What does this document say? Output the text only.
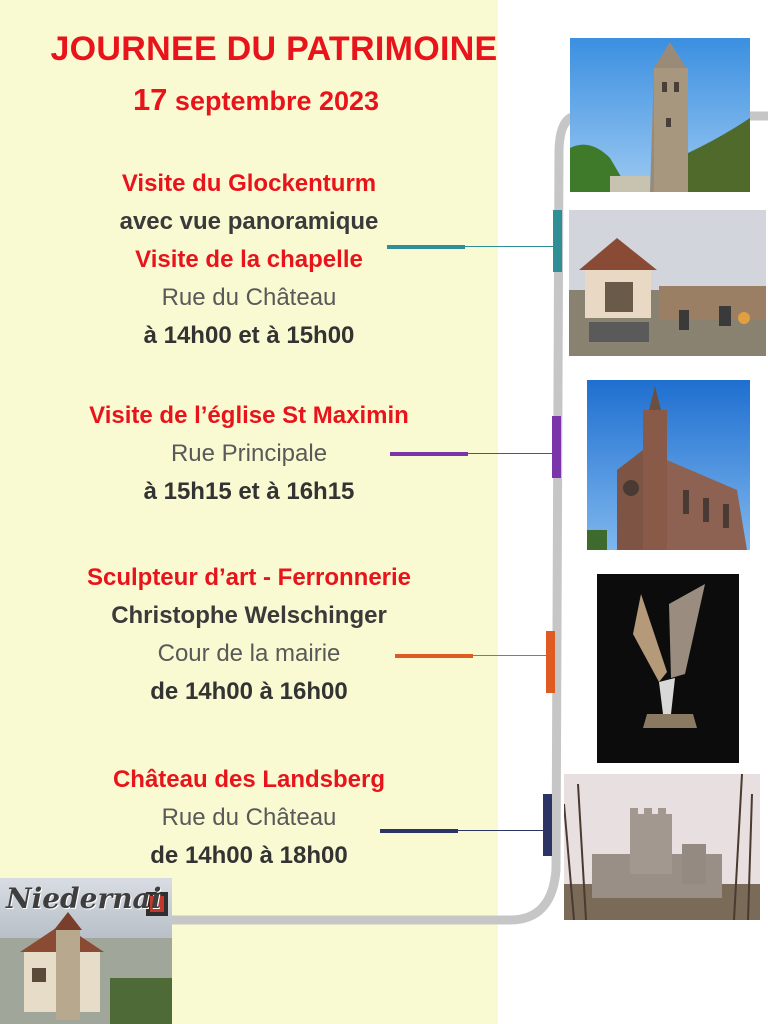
JOURNEE DU PATRIMOINE
17 septembre 2023
Visite du Glockenturm
avec vue panoramique
Visite de la chapelle
Rue du Château
à 14h00 et à 15h00
Visite de l’église St Maximin
Rue Principale
à 15h15 et à 16h15
Sculpteur d’art - Ferronnerie
Christophe Welschinger
Cour de la mairie
de 14h00 à 16h00
Château des Landsberg
Rue du Château
de 14h00 à 18h00
Niedernai
